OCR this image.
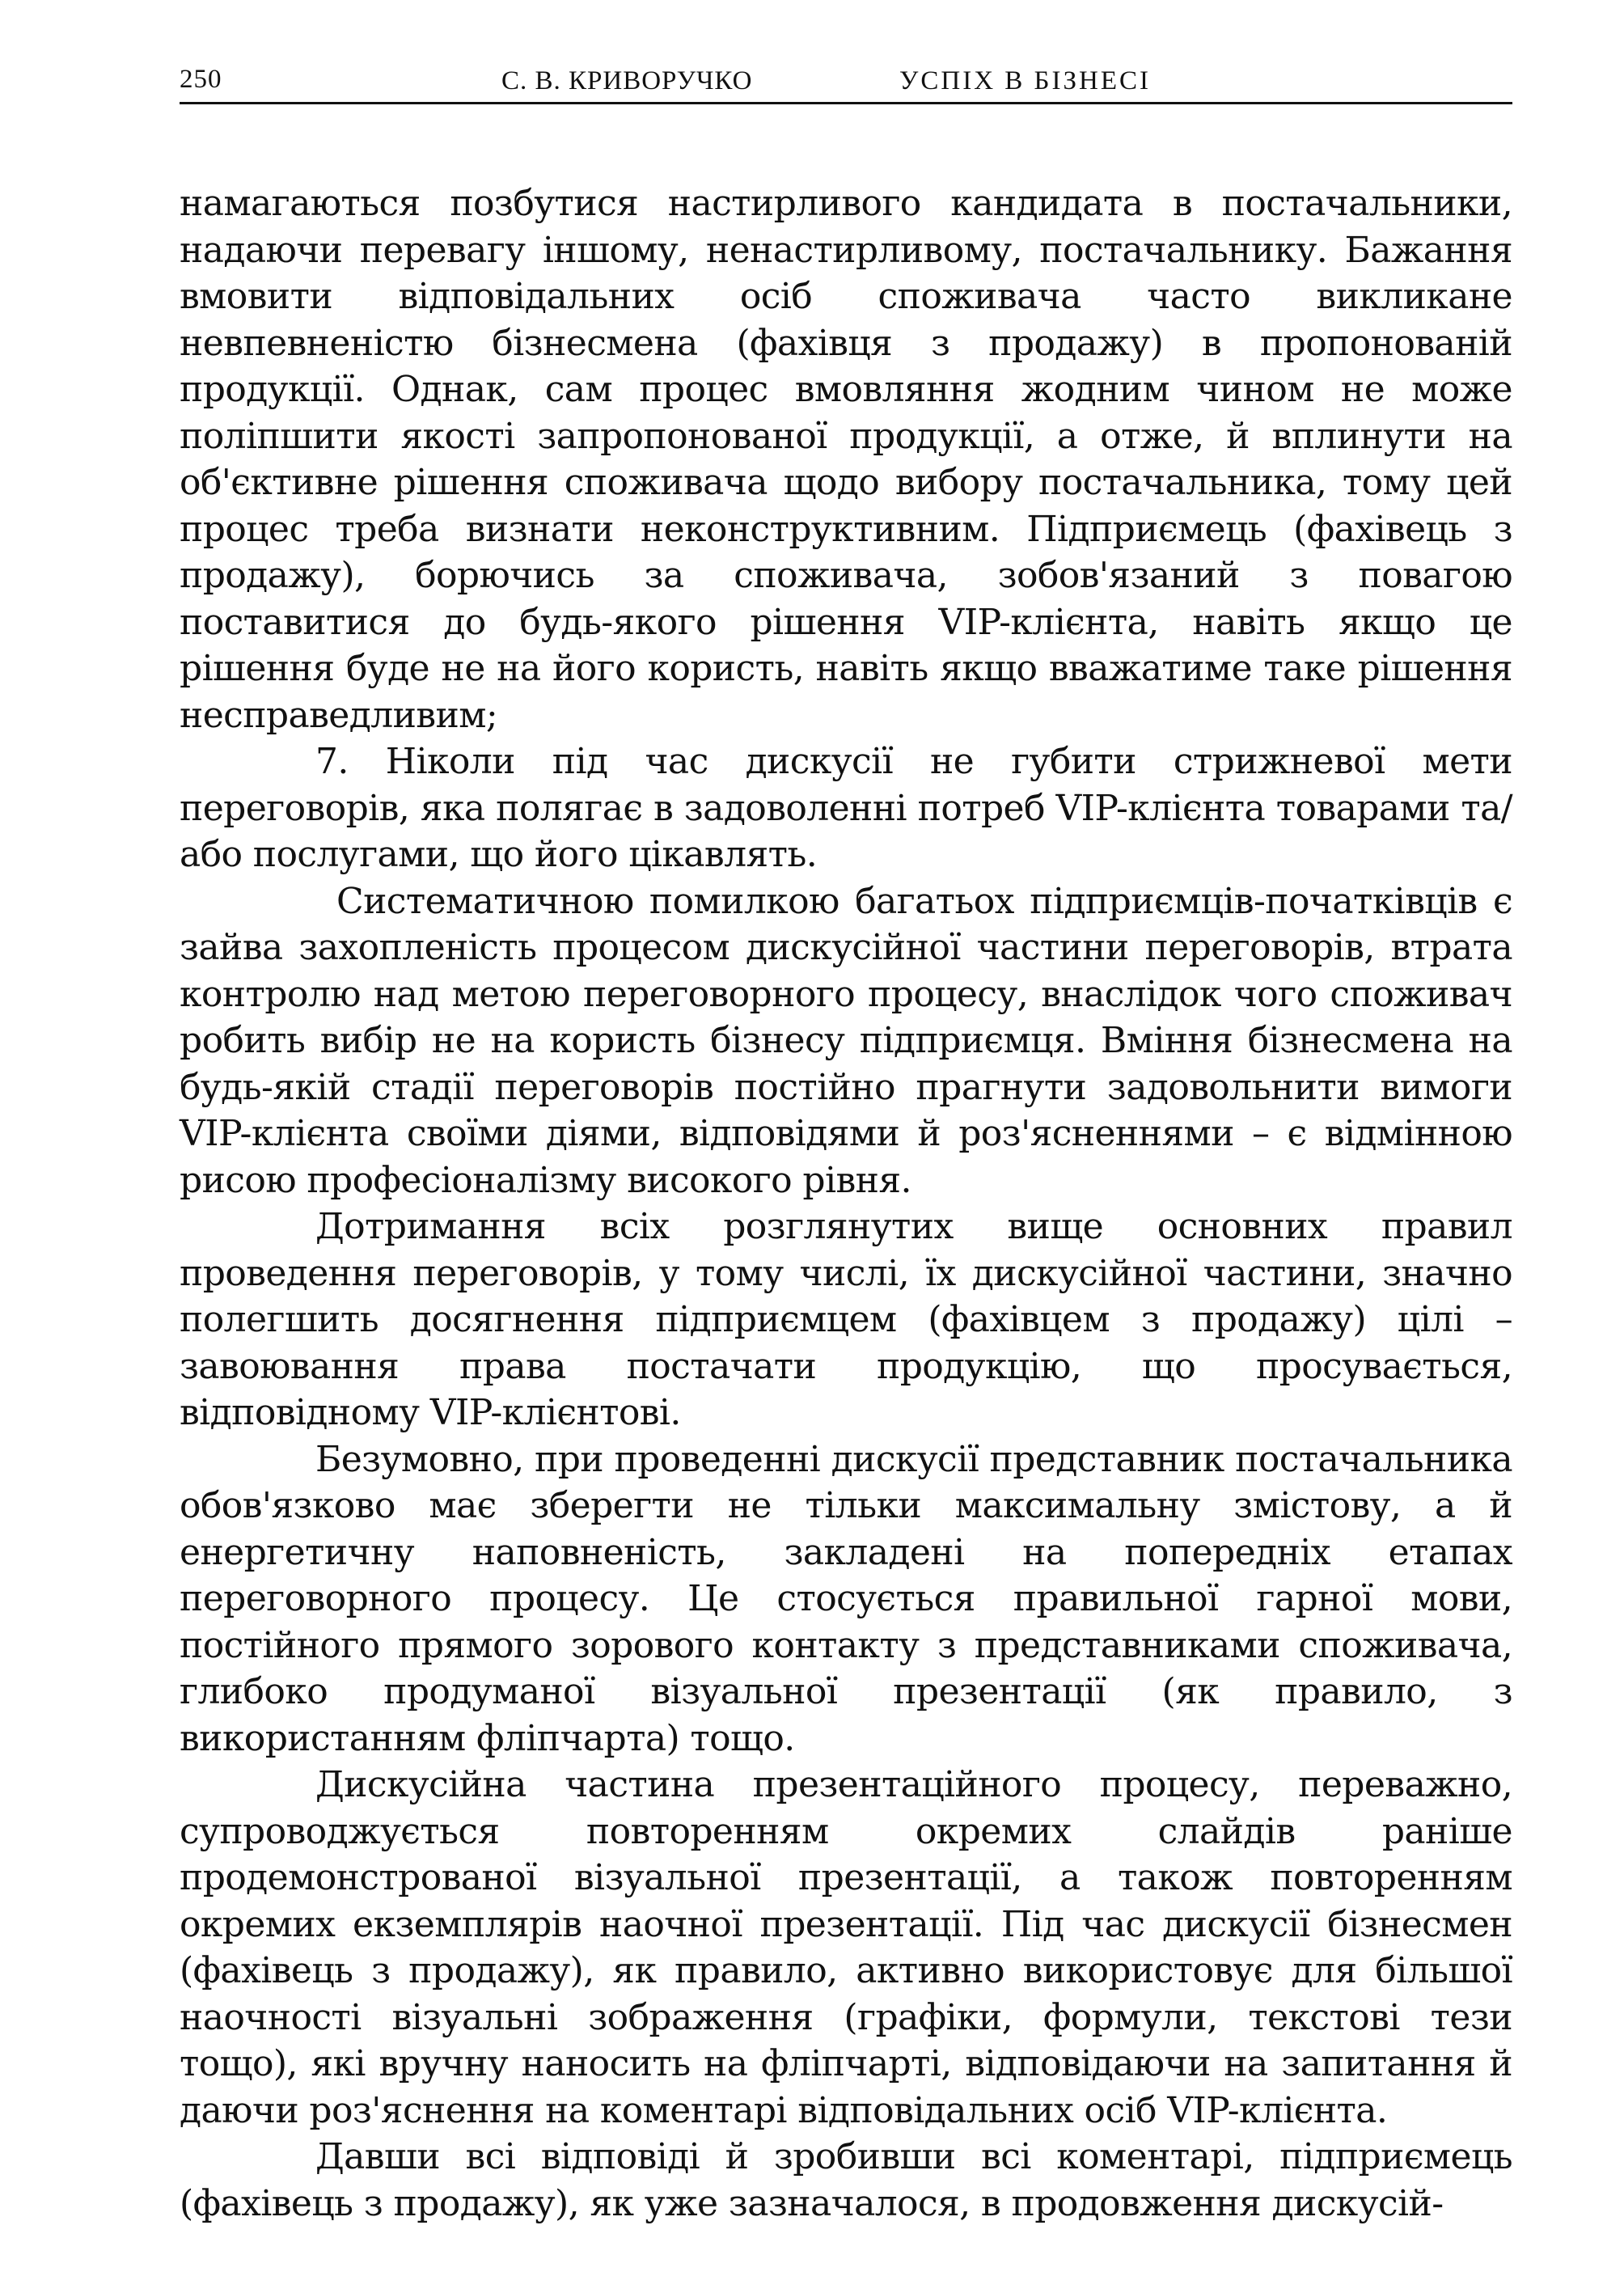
250	С. В. КРИВОРУЧКО	УСПІХ В БІЗНЕСІ

намагаються позбутися настирливого кандидата в постачальники, надаючи перевагу іншому, ненастирливому, постачальнику. Бажання вмовити відповідальних осіб споживача часто викликане невпевненістю бізнесмена (фахівця з продажу) в пропонованій продукції. Однак, сам процес вмовляння жодним чином не може поліпшити якості запропонованої продукції, а отже, й вплинути на об'єктивне рішення споживача щодо вибору постачальника, тому цей процес треба визнати неконструктивним. Підприємець (фахівець з продажу), борючись за споживача, зобов'язаний з повагою поставитися до будь-якого рішення VIP-клієнта, навіть якщо це рішення буде не на його користь, навіть якщо вважатиме таке рішення несправедливим;

7. Ніколи під час дискусії не губити стрижневої мети переговорів, яка полягає в задоволенні потреб VIP-клієнта товарами та/або послугами, що його цікавлять.

Систематичною помилкою багатьох підприємців-початківців є зайва захопленість процесом дискусійної частини переговорів, втрата контролю над метою переговорного процесу, внаслідок чого споживач робить вибір не на користь бізнесу підприємця. Вміння бізнесмена на будь-якій стадії переговорів постійно прагнути задовольнити вимоги VIP-клієнта своїми діями, відповідями й роз'ясненнями – є відмінною рисою професіоналізму високого рівня.

Дотримання всіх розглянутих вище основних правил проведення переговорів, у тому числі, їх дискусійної частини, значно полегшить досягнення підприємцем (фахівцем з продажу) цілі – завоювання права постачати продукцію, що просувається, відповідному VIP-клієнтові.

Безумовно, при проведенні дискусії представник постачальника обов'язково має зберегти не тільки максимальну змістову, а й енергетичну наповненість, закладені на попередніх етапах переговорного процесу. Це стосується правильної гарної мови, постійного прямого зорового контакту з представниками споживача, глибоко продуманої візуальної презентації (як правило, з використанням фліпчарта) тощо.

Дискусійна частина презентаційного процесу, переважно, супроводжується повторенням окремих слайдів раніше продемонстрованої візуальної презентації, а також повторенням окремих екземплярів наочної презентації. Під час дискусії бізнесмен (фахівець з продажу), як правило, активно використовує для більшої наочності візуальні зображення (графіки, формули, текстові тези тощо), які вручну наносить на фліпчарті, відповідаючи на запитання й даючи роз'яснення на коментарі відповідальних осіб VIP-клієнта.

Давши всі відповіді й зробивши всі коментарі, підприємець (фахівець з продажу), як уже зазначалося, в продовження дискусій-
